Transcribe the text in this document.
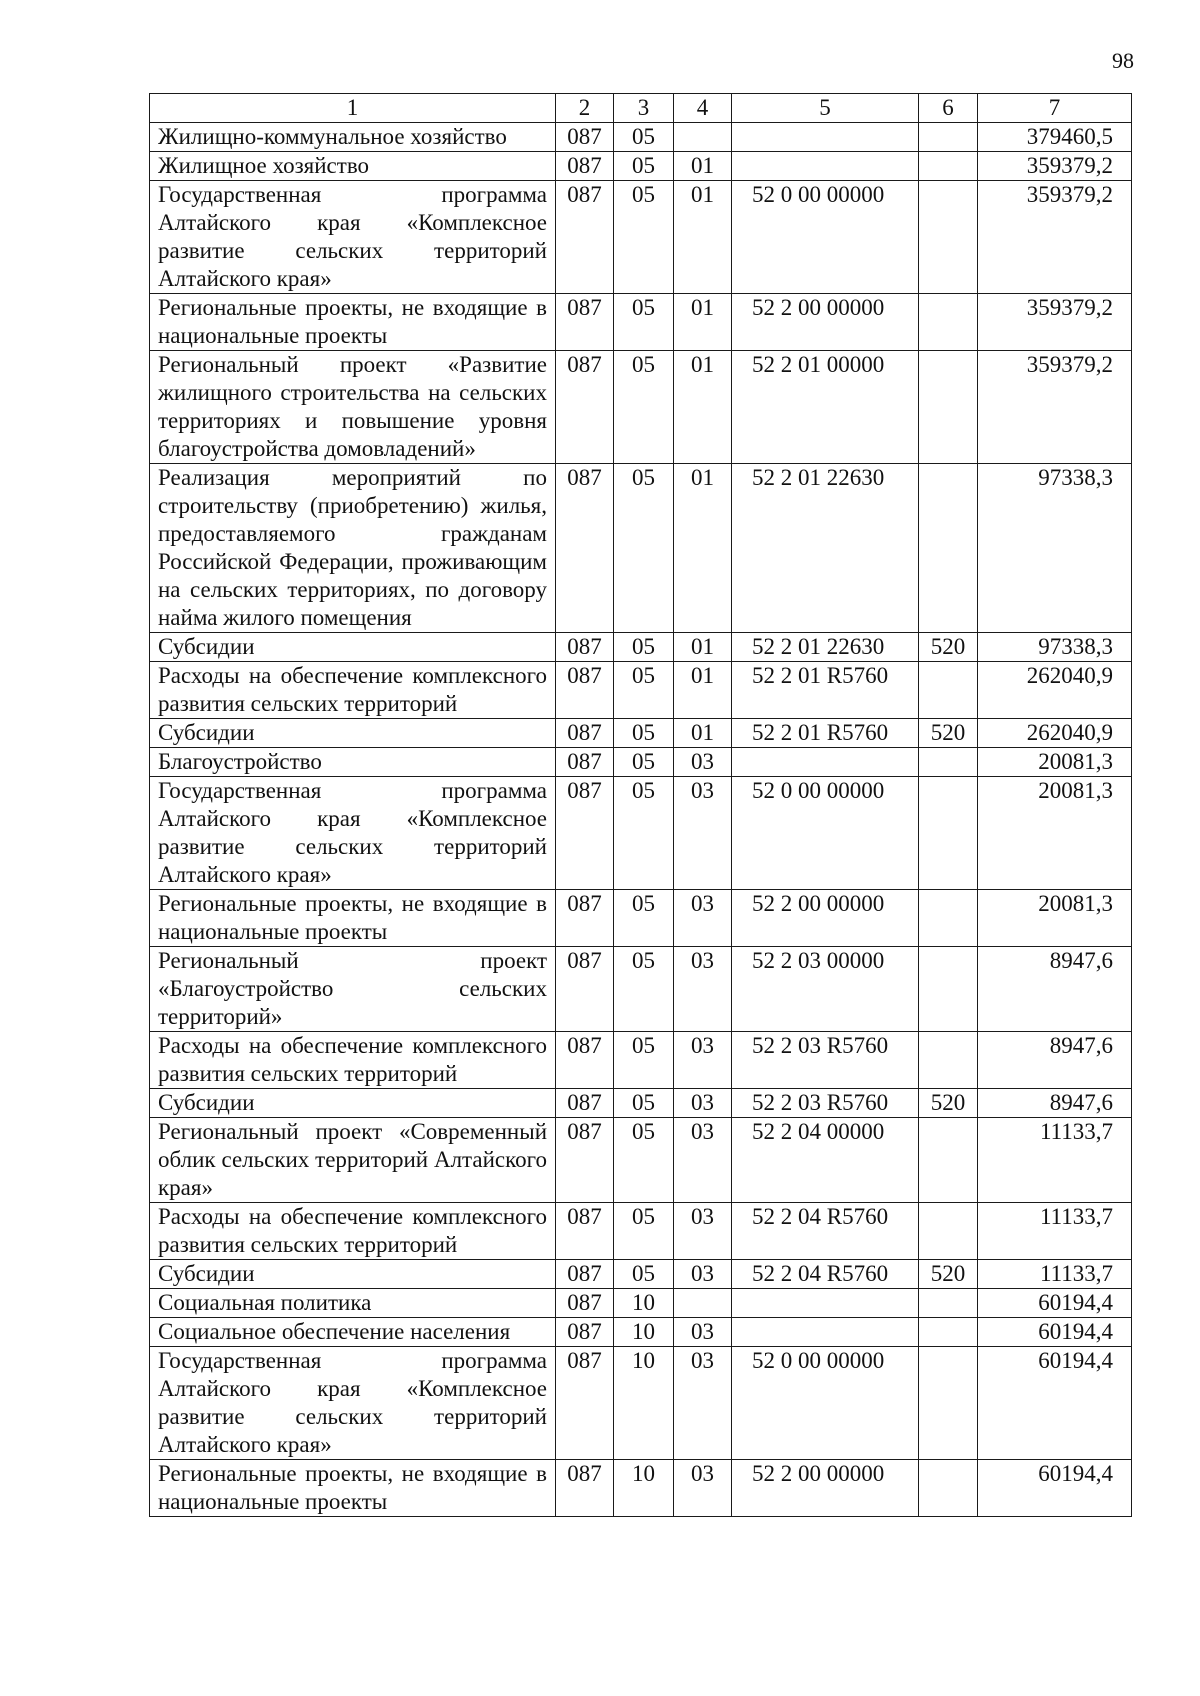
98
1	2	3	4	5	6	7
Жилищно-коммунальное хозяйство	087	05				379460,5
Жилищное хозяйство	087	05	01			359379,2
Государственная программа Алтайского края «Комплексное развитие сельских территорий Алтайского края»	087	05	01	52 0 00 00000		359379,2
Региональные проекты, не входящие в национальные проекты	087	05	01	52 2 00 00000		359379,2
Региональный проект «Развитие жилищного строительства на сельских территориях и повышение уровня благоустройства домовладений»	087	05	01	52 2 01 00000		359379,2
Реализация мероприятий по строительству (приобретению) жилья, предоставляемого гражданам Российской Федерации, проживающим на сельских территориях, по договору найма жилого помещения	087	05	01	52 2 01 22630		97338,3
Субсидии	087	05	01	52 2 01 22630	520	97338,3
Расходы на обеспечение комплексного развития сельских территорий	087	05	01	52 2 01 R5760		262040,9
Субсидии	087	05	01	52 2 01 R5760	520	262040,9
Благоустройство	087	05	03			20081,3
Государственная программа Алтайского края «Комплексное развитие сельских территорий Алтайского края»	087	05	03	52 0 00 00000		20081,3
Региональные проекты, не входящие в национальные проекты	087	05	03	52 2 00 00000		20081,3
Региональный проект «Благоустройство сельских территорий»	087	05	03	52 2 03 00000		8947,6
Расходы на обеспечение комплексного развития сельских территорий	087	05	03	52 2 03 R5760		8947,6
Субсидии	087	05	03	52 2 03 R5760	520	8947,6
Региональный проект «Современный облик сельских территорий Алтайского края»	087	05	03	52 2 04 00000		11133,7
Расходы на обеспечение комплексного развития сельских территорий	087	05	03	52 2 04 R5760		11133,7
Субсидии	087	05	03	52 2 04 R5760	520	11133,7
Социальная политика	087	10				60194,4
Социальное обеспечение населения	087	10	03			60194,4
Государственная программа Алтайского края «Комплексное развитие сельских территорий Алтайского края»	087	10	03	52 0 00 00000		60194,4
Региональные проекты, не входящие в национальные проекты	087	10	03	52 2 00 00000		60194,4
